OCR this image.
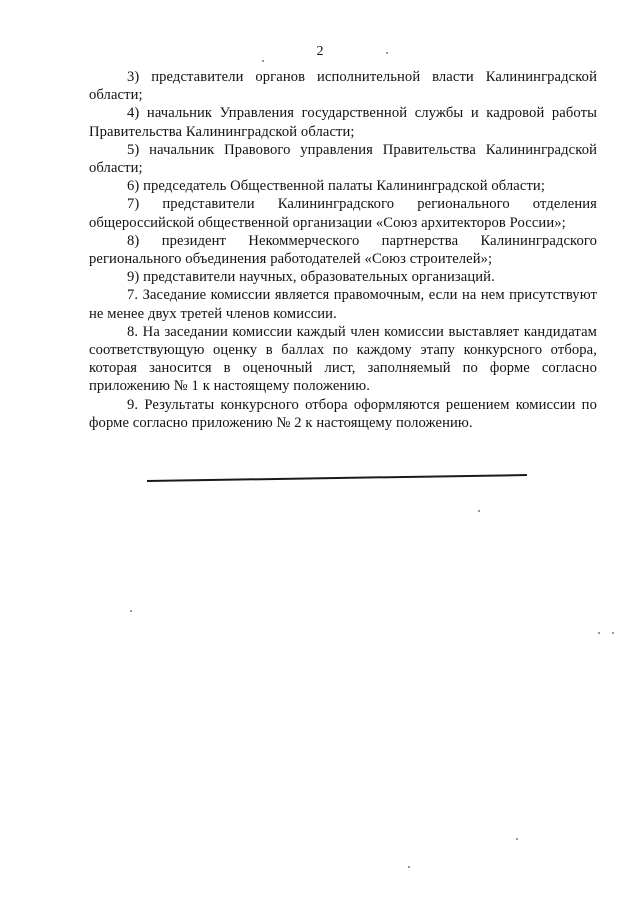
2

3) представители органов исполнительной власти Калининградской области;

4) начальник Управления государственной службы и кадровой работы Правительства Калининградской области;

5) начальник Правового управления Правительства Калининградской области;

6) председатель Общественной палаты Калининградской области;

7) представители Калининградского регионального отделения общероссийской общественной организации «Союз архитекторов России»;

8) президент Некоммерческого партнерства Калининградского регионального объединения работодателей «Союз строителей»;

9) представители научных, образовательных организаций.

7. Заседание комиссии является правомочным, если на нем присутствуют не менее двух третей членов комиссии.

8. На заседании комиссии каждый член комиссии выставляет кандидатам соответствующую оценку в баллах по каждому этапу конкурсного отбора, которая заносится в оценочный лист, заполняемый по форме согласно приложению № 1 к настоящему положению.

9. Результаты конкурсного отбора оформляются решением комиссии по форме согласно приложению № 2 к настоящему положению.
